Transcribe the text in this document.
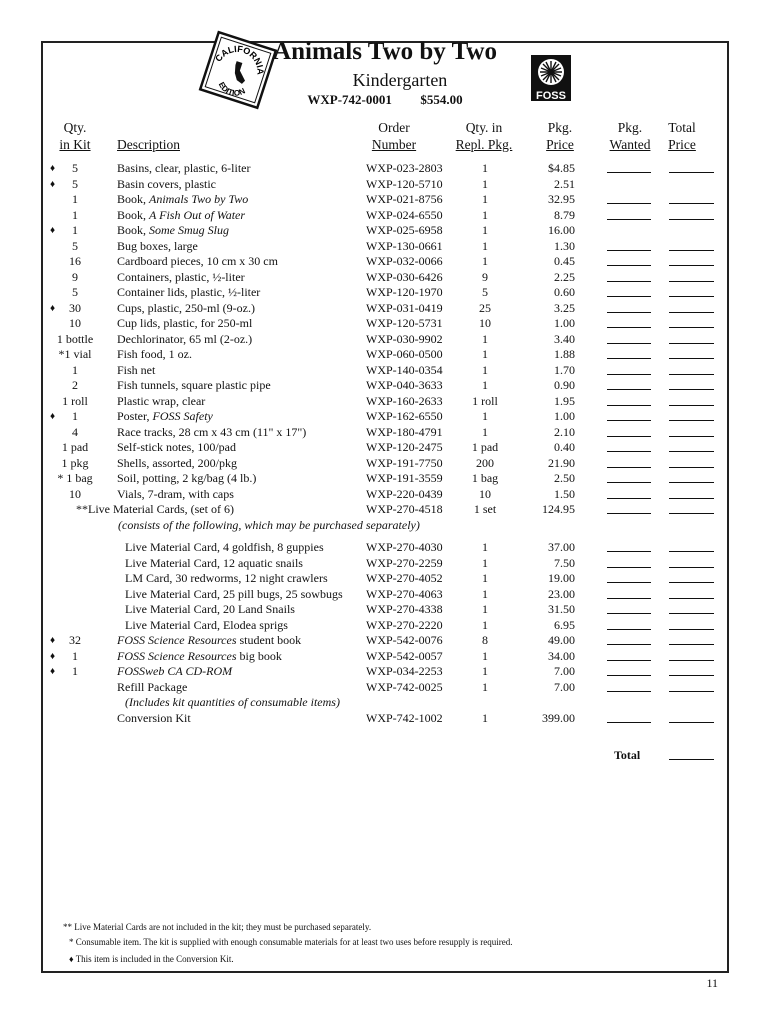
CALIFORNIA
EDITION	FOSS
Animals Two by Two
Kindergarten
WXP-742-0001 $554.00
Qty.
in Kit	Description
Order
Number
Qty. in
Repl. Pkg.
Pkg.
Price
Pkg.
Wanted
Total
Price
♦	5	Basins, clear, plastic, 6-liter	WXP-023-2803	1	$4.85
♦	5	Basin covers, plastic	WXP-120-5710	1	2.51
1	Book, Animals Two by Two	WXP-021-8756	1	32.95
1	Book, A Fish Out of Water	WXP-024-6550	1	8.79
♦	1	Book, Some Smug Slug	WXP-025-6958	1	16.00
5	Bug boxes, large	WXP-130-0661	1	1.30
16	Cardboard pieces, 10 cm x 30 cm	WXP-032-0066	1	0.45
9	Containers, plastic, ½-liter	WXP-030-6426	9	2.25
5	Container lids, plastic, ½-liter	WXP-120-1970	5	0.60
♦	30	Cups, plastic, 250-ml (9-oz.)	WXP-031-0419	25	3.25
10	Cup lids, plastic, for 250-ml	WXP-120-5731	10	1.00
1 bottle	Dechlorinator, 65 ml (2-oz.)	WXP-030-9902	1	3.40
*1 vial	Fish food, 1 oz.	WXP-060-0500	1	1.88
1	Fish net	WXP-140-0354	1	1.70
2	Fish tunnels, square plastic pipe	WXP-040-3633	1	0.90
1 roll	Plastic wrap, clear	WXP-160-2633	1 roll	1.95
♦	1	Poster, FOSS Safety	WXP-162-6550	1	1.00
4	Race tracks, 28 cm x 43 cm (11" x 17")	WXP-180-4791	1	2.10
1 pad	Self-stick notes, 100/pad	WXP-120-2475	1 pad	0.40
1 pkg	Shells, assorted, 200/pkg	WXP-191-7750	200	21.90
* 1 bag	Soil, potting, 2 kg/bag (4 lb.)	WXP-191-3559	1 bag	2.50
10	Vials, 7-dram, with caps	WXP-220-0439	10	1.50
**Live Material Cards, (set of 6)	WXP-270-4518	1 set	124.95
(consists of the following, which may be purchased separately)
Live Material Card, 4 goldfish, 8 guppies	WXP-270-4030	1	37.00
Live Material Card, 12 aquatic snails	WXP-270-2259	1	7.50
LM Card, 30 redworms, 12 night crawlers	WXP-270-4052	1	19.00
Live Material Card, 25 pill bugs, 25 sowbugs WXP-270-4063	1	23.00
Live Material Card, 20 Land Snails	WXP-270-4338	1	31.50
Live Material Card, Elodea sprigs	WXP-270-2220	1	6.95
♦	32	FOSS Science Resources student book	WXP-542-0076	8	49.00
♦	1	FOSS Science Resources big book	WXP-542-0057	1	34.00
♦	1	FOSSweb CA CD-ROM	WXP-034-2253	1	7.00
Refill Package	WXP-742-0025	1	7.00
(Includes kit quantities of consumable items)
Conversion Kit	WXP-742-1002	1	399.00
Total
** Live Material Cards are not included in the kit; they must be purchased separately.
* Consumable item. The kit is supplied with enough consumable materials for at least two uses before resupply is required.
♦ This item is included in the Conversion Kit.
11
